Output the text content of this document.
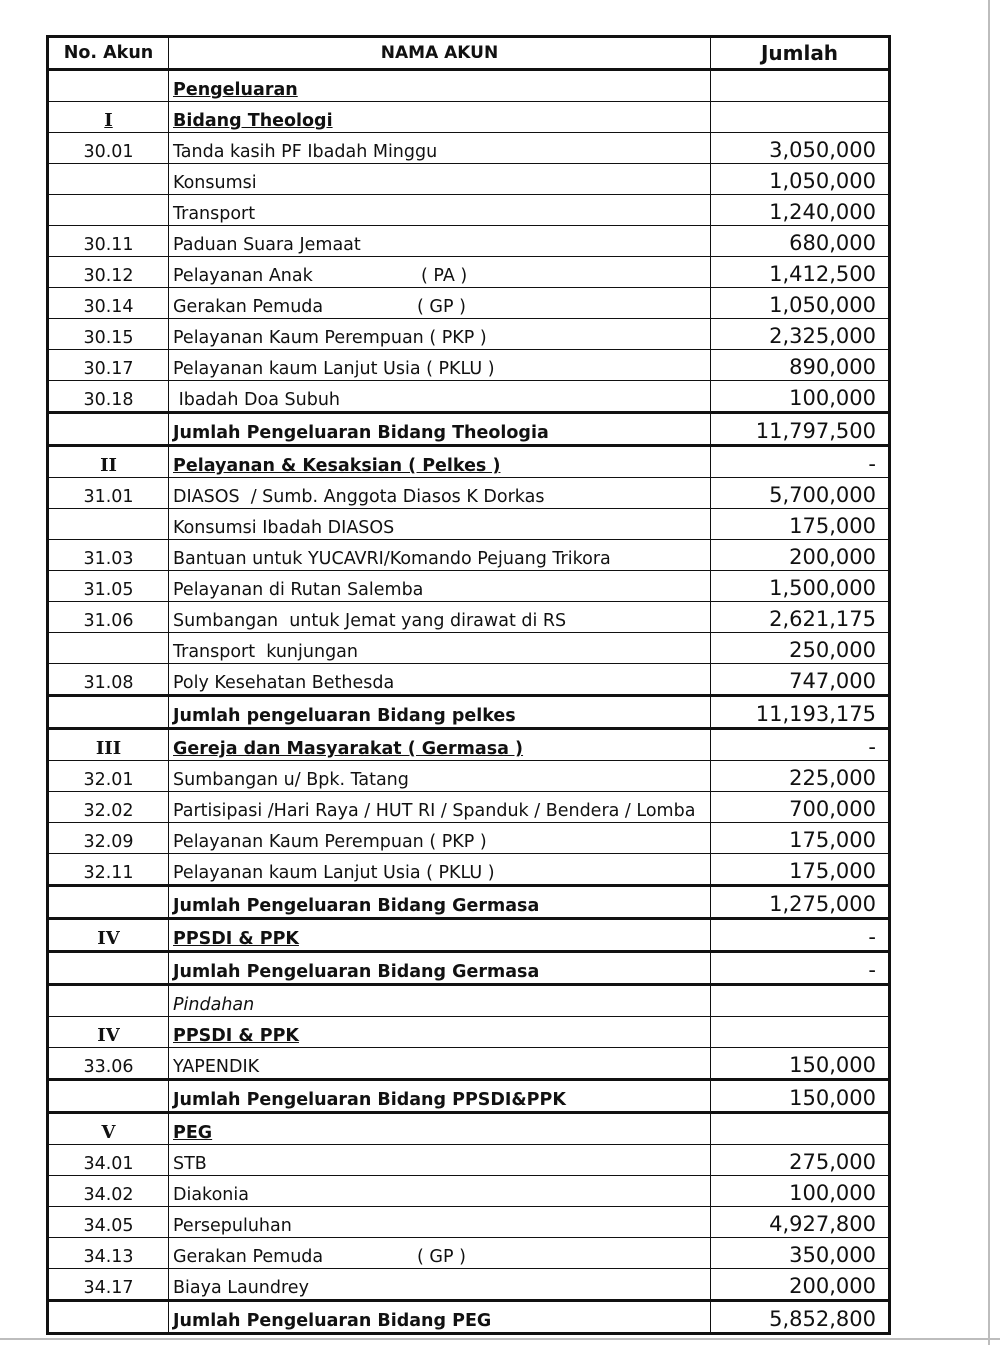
No. Akun	NAMA AKUN	Jumlah
	Pengeluaran	
I	Bidang Theologi	
30.01	Tanda kasih PF Ibadah Minggu	3,050,000
	Konsumsi	1,050,000
	Transport	1,240,000
30.11	Paduan Suara Jemaat	680,000
30.12	Pelayanan Anak ( PA )	1,412,500
30.14	Gerakan Pemuda ( GP )	1,050,000
30.15	Pelayanan Kaum Perempuan ( PKP )	2,325,000
30.17	Pelayanan kaum Lanjut Usia ( PKLU )	890,000
30.18	Ibadah Doa Subuh	100,000
	Jumlah Pengeluaran Bidang Theologia	11,797,500
II	Pelayanan & Kesaksian ( Pelkes )	-
31.01	DIASOS  / Sumb. Anggota Diasos K Dorkas	5,700,000
	Konsumsi Ibadah DIASOS	175,000
31.03	Bantuan untuk YUCAVRI/Komando Pejuang Trikora	200,000
31.05	Pelayanan di Rutan Salemba	1,500,000
31.06	Sumbangan  untuk Jemat yang dirawat di RS	2,621,175
	Transport  kunjungan	250,000
31.08	Poly Kesehatan Bethesda	747,000
	Jumlah pengeluaran Bidang pelkes	11,193,175
III	Gereja dan Masyarakat ( Germasa )	-
32.01	Sumbangan u/ Bpk. Tatang	225,000
32.02	Partisipasi /Hari Raya / HUT RI / Spanduk / Bendera / Lomba	700,000
32.09	Pelayanan Kaum Perempuan ( PKP )	175,000
32.11	Pelayanan kaum Lanjut Usia ( PKLU )	175,000
	Jumlah Pengeluaran Bidang Germasa	1,275,000
IV	PPSDI & PPK	-
	Jumlah Pengeluaran Bidang Germasa	-
	Pindahan	
IV	PPSDI & PPK	
33.06	YAPENDIK	150,000
	Jumlah Pengeluaran Bidang PPSDI&PPK	150,000
V	PEG	
34.01	STB	275,000
34.02	Diakonia	100,000
34.05	Persepuluhan	4,927,800
34.13	Gerakan Pemuda ( GP )	350,000
34.17	Biaya Laundrey	200,000
	Jumlah Pengeluaran Bidang PEG	5,852,800
